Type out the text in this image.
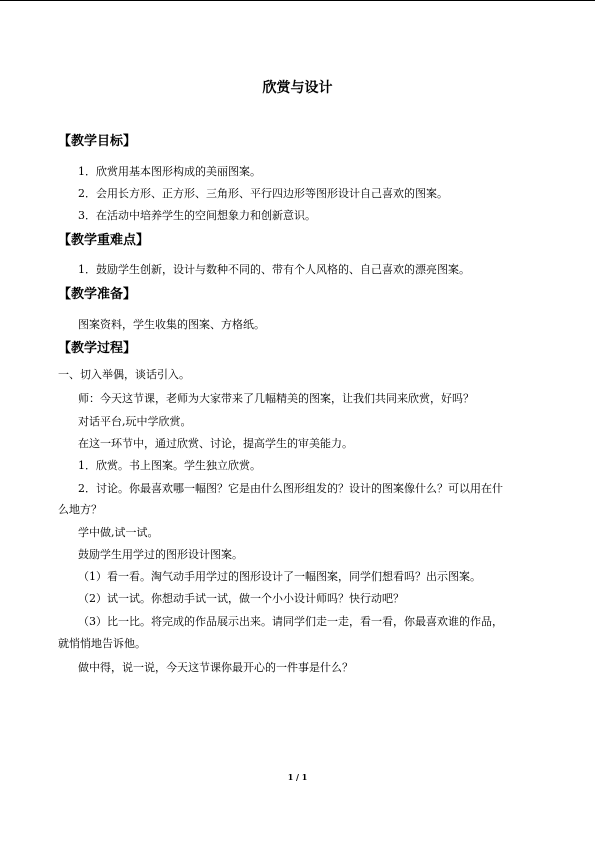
欣赏与设计
【教学目标】

1．欣赏用基本图形构成的美丽图案。

2．会用长方形、正方形、三角形、平行四边形等图形设计自己喜欢的图案。

3．在活动中培养学生的空间想象力和创新意识。

【教学重难点】

1．鼓励学生创新，设计与数种不同的、带有个人风格的、自己喜欢的漂亮图案。

【教学准备】

图案资料，学生收集的图案、方格纸。

【教学过程】

一、切入举偶，谈话引入。

师：今天这节课，老师为大家带来了几幅精美的图案，让我们共同来欣赏，好吗？

对话平台,玩中学欣赏。

在这一环节中，通过欣赏、讨论，提高学生的审美能力。

1．欣赏。书上图案。学生独立欣赏。

2．讨论。你最喜欢哪一幅图？它是由什么图形组发的？设计的图案像什么？可以用在什

么地方？

学中做,试一试。

鼓励学生用学过的图形设计图案。

（1）看一看。淘气动手用学过的图形设计了一幅图案，同学们想看吗？出示图案。

（2）试一试。你想动手试一试，做一个小小设计师吗？快行动吧？

（3）比一比。将完成的作品展示出来。请同学们走一走，看一看，你最喜欢谁的作品，

就悄悄地告诉他。

做中得，说一说，今天这节课你最开心的一件事是什么？

1 / 1
